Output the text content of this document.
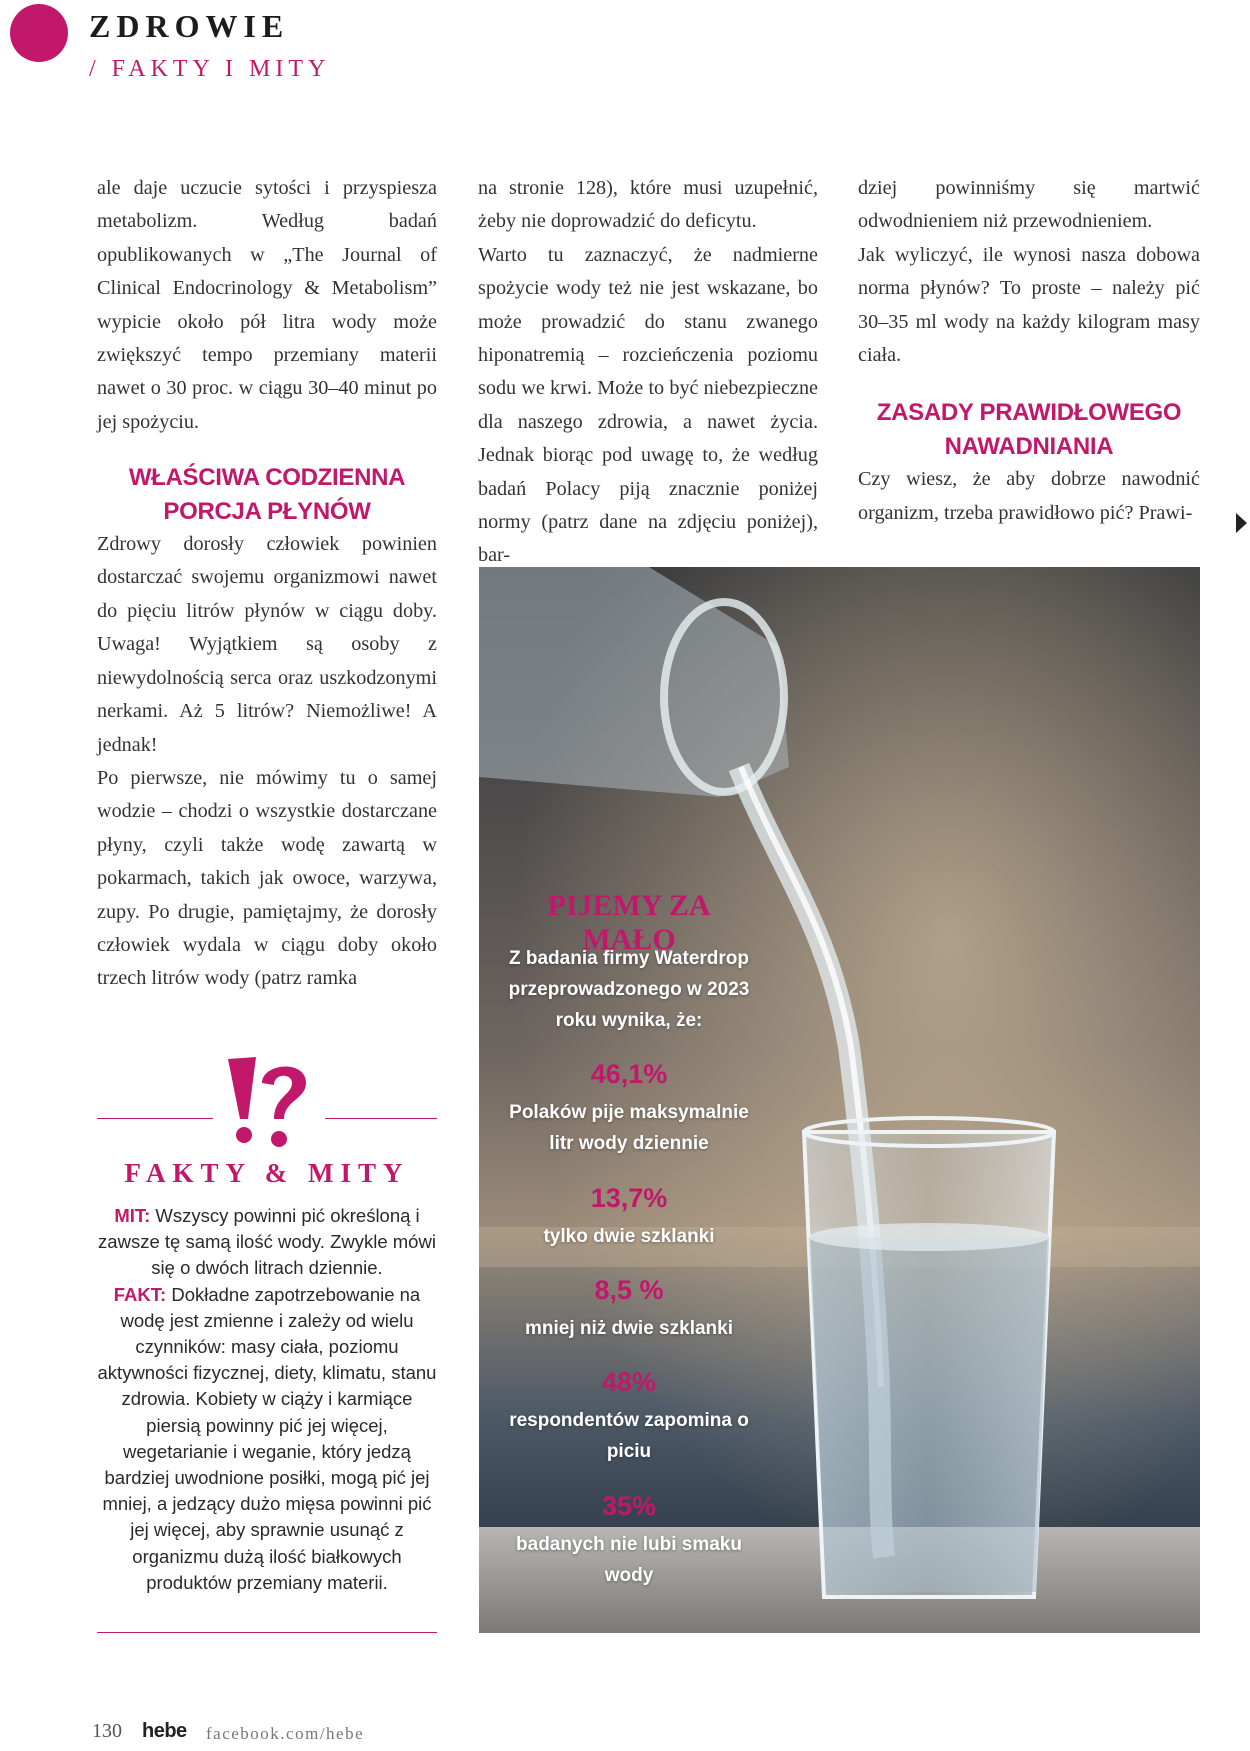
ZDROWIE
/ FAKTY I MITY

ale daje uczucie sytości i przyspiesza metabolizm. Według badań opublikowanych w „The Journal of Clinical Endocrinology & Metabolism” wypicie około pół litra wody może zwiększyć tempo przemiany materii nawet o 30 proc. w ciągu 30–40 minut po jej spożyciu.

WŁAŚCIWA CODZIENNA PORCJA PŁYNÓW

Zdrowy dorosły człowiek powinien dostarczać swojemu organizmowi nawet do pięciu litrów płynów w ciągu doby. Uwaga! Wyjątkiem są osoby z niewydolnością serca oraz uszkodzonymi nerkami. Aż 5 litrów? Niemożliwe! A jednak!

Po pierwsze, nie mówimy tu o samej wodzie – chodzi o wszystkie dostarczane płyny, czyli także wodę zawartą w pokarmach, takich jak owoce, warzywa, zupy. Po drugie, pamiętajmy, że dorosły człowiek wydala w ciągu doby około trzech litrów wody (patrz ramka

na stronie 128), które musi uzupełnić, żeby nie doprowadzić do deficytu.

Warto tu zaznaczyć, że nadmierne spożycie wody też nie jest wskazane, bo może prowadzić do stanu zwanego hiponatremią – rozcieńczenia poziomu sodu we krwi. Może to być niebezpieczne dla naszego zdrowia, a nawet życia. Jednak biorąc pod uwagę to, że według badań Polacy piją znacznie poniżej normy (patrz dane na zdjęciu poniżej), bar-

dziej powinniśmy się martwić odwodnieniem niż przewodnieniem.

Jak wyliczyć, ile wynosi nasza dobowa norma płynów? To proste – należy pić 30–35 ml wody na każdy kilogram masy ciała.

ZASADY PRAWIDŁOWEGO NAWADNIANIA

Czy wiesz, że aby dobrze nawodnić organizm, trzeba prawidłowo pić? Prawi-

PIJEMY ZA MAŁO
Z badania firmy Waterdrop przeprowadzonego w 2023 roku wynika, że:
46,1%
Polaków pije maksymalnie litr wody dziennie
13,7%
tylko dwie szklanki
8,5 %
mniej niż dwie szklanki
48%
respondentów zapomina o piciu
35%
badanych nie lubi smaku wody
FAKTY & MITY
MIT: Wszyscy powinni pić określoną i zawsze tę samą ilość wody. Zwykle mówi się o dwóch litrach dziennie.
FAKT: Dokładne zapotrzebowanie na wodę jest zmienne i zależy od wielu czynników: masy ciała, poziomu aktywności fizycznej, diety, klimatu, stanu zdrowia. Kobiety w ciąży i karmiące piersią powinny pić jej więcej, wegetarianie i weganie, który jedzą bardziej uwodnione posiłki, mogą pić jej mniej, a jedzący dużo mięsa powinni pić jej więcej, aby sprawnie usunąć z organizmu dużą ilość białkowych produktów przemiany materii.
130 hebe facebook.com/hebe
